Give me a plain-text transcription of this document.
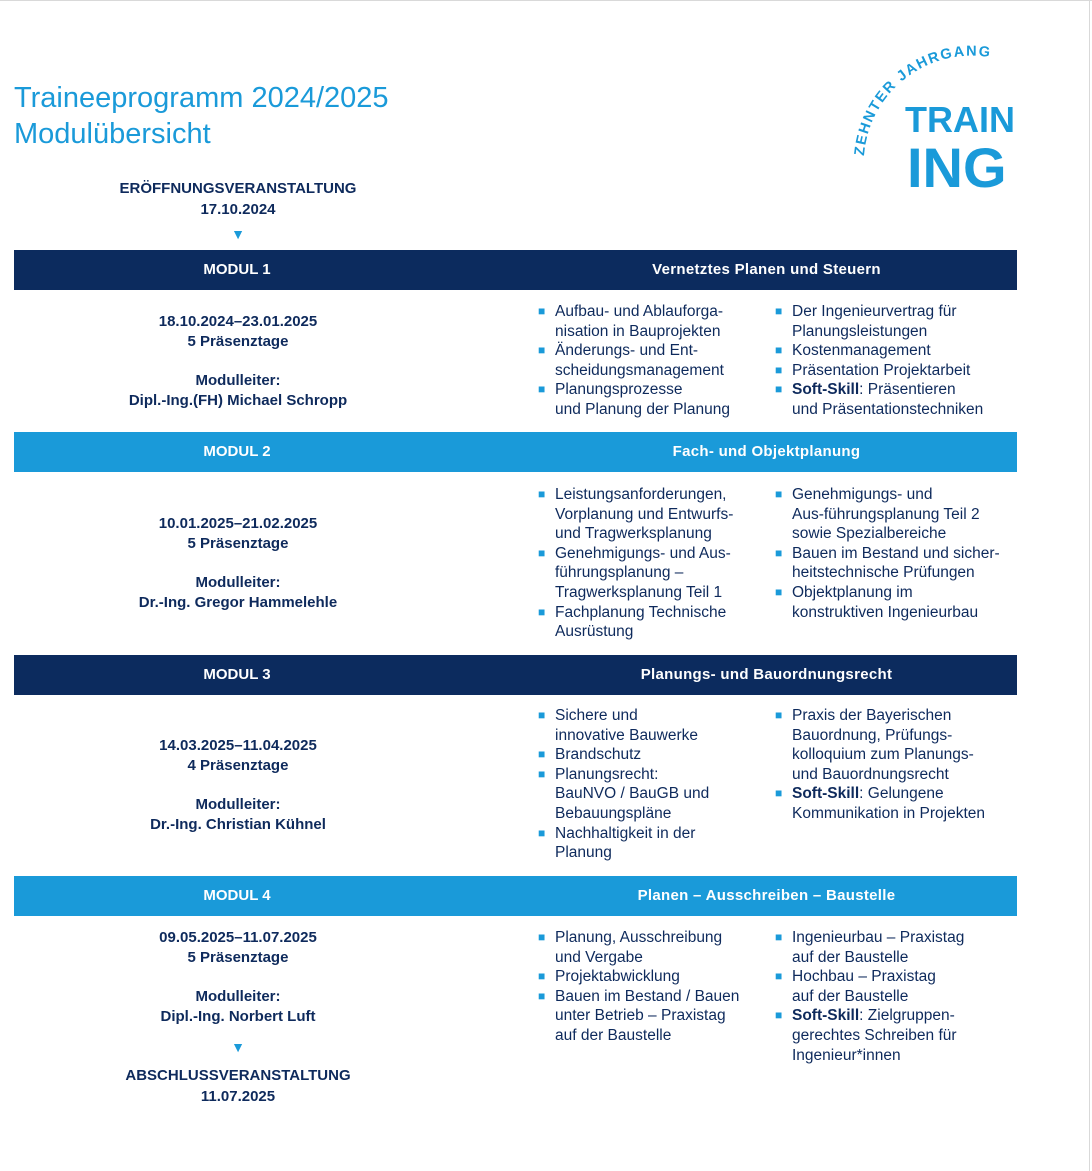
Traineeprogramm 2024/2025
Modulübersicht
ZEHNTER JAHRGANG
TRAIN
ING
ERÖFFNUNGSVERANSTALTUNG
17.10.2024
▼
MODUL 1	Vernetztes Planen und Steuern
18.10.2024–23.01.2025
5 Präsenztage
Modulleiter:
Dipl.-Ing.(FH) Michael Schropp
■ Aufbau- und Ablauforga-
nisation in Bauprojekten
■ Änderungs- und Ent-
scheidungsmanagement
■ Planungsprozesse
und Planung der Planung
■ Der Ingenieurvertrag für
Planungsleistungen
■ Kostenmanagement
■ Präsentation Projektarbeit
■ Soft-Skill: Präsentieren
und Präsentationstechniken
MODUL 2	Fach- und Objektplanung
10.01.2025–21.02.2025
5 Präsenztage
Modulleiter:
Dr.-Ing. Gregor Hammelehle
■ Leistungsanforderungen,
Vorplanung und Entwurfs-
und Tragwerksplanung
■ Genehmigungs- und Aus-
führungsplanung –
Tragwerksplanung Teil 1
■ Fachplanung Technische
Ausrüstung
■ Genehmigungs- und
Aus-führungsplanung Teil 2
sowie Spezialbereiche
■ Bauen im Bestand und sicher-
heitstechnische Prüfungen
■ Objektplanung im
konstruktiven Ingenieurbau
MODUL 3	Planungs- und Bauordnungsrecht
14.03.2025–11.04.2025
4 Präsenztage
Modulleiter:
Dr.-Ing. Christian Kühnel
■ Sichere und
innovative Bauwerke
■ Brandschutz
■ Planungsrecht:
BauNVO / BauGB und
Bebauungspläne
■ Nachhaltigkeit in der
Planung
■ Praxis der Bayerischen
Bauordnung, Prüfungs-
kolloquium zum Planungs-
und Bauordnungsrecht
■ Soft-Skill: Gelungene
Kommunikation in Projekten
MODUL 4	Planen – Ausschreiben – Baustelle
09.05.2025–11.07.2025
5 Präsenztage
Modulleiter:
Dipl.-Ing. Norbert Luft
■ Planung, Ausschreibung
und Vergabe
■ Projektabwicklung
■ Bauen im Bestand / Bauen
unter Betrieb – Praxistag
auf der Baustelle
■ Ingenieurbau – Praxistag
auf der Baustelle
■ Hochbau – Praxistag
auf der Baustelle
■ Soft-Skill: Zielgruppen-
gerechtes Schreiben für
Ingenieur*innen
▼
ABSCHLUSSVERANSTALTUNG
11.07.2025
